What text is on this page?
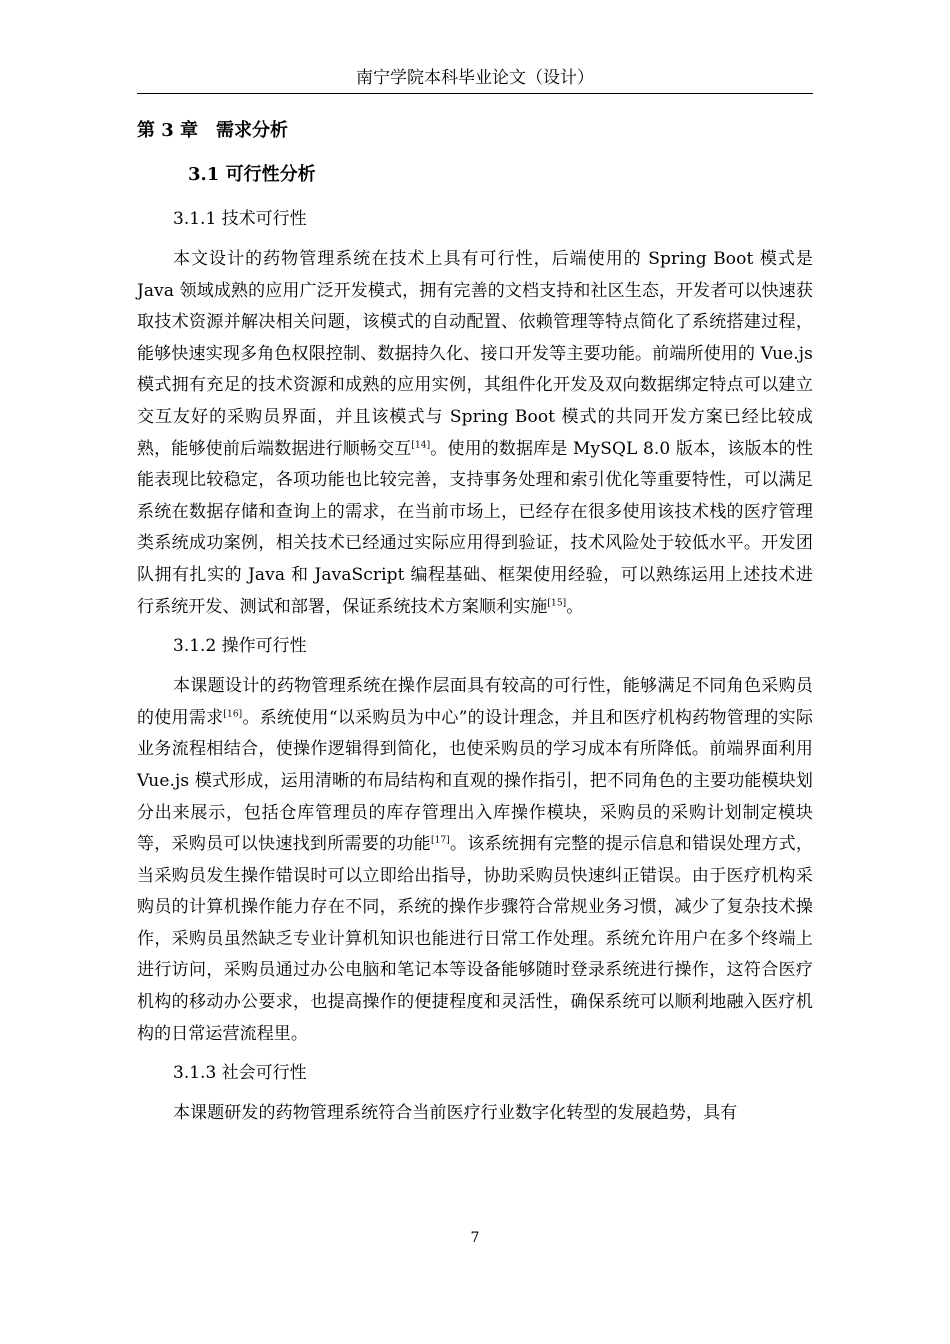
南宁学院本科毕业论文（设计）
第 3 章　需求分析
3.1 可行性分析
3.1.1 技术可行性

本文设计的药物管理系统在技术上具有可行性，后端使用的 Spring Boot 模式是 Java 领域成熟的应用广泛开发模式，拥有完善的文档支持和社区生态，开发者可以快速获取技术资源并解决相关问题，该模式的自动配置、依赖管理等特点简化了系统搭建过程，能够快速实现多角色权限控制、数据持久化、接口开发等主要功能。前端所使用的 Vue.js 模式拥有充足的技术资源和成熟的应用实例，其组件化开发及双向数据绑定特点可以建立交互友好的采购员界面，并且该模式与 Spring Boot 模式的共同开发方案已经比较成熟，能够使前后端数据进行顺畅交互[14]。使用的数据库是 MySQL 8.0 版本，该版本的性能表现比较稳定，各项功能也比较完善，支持事务处理和索引优化等重要特性，可以满足系统在数据存储和查询上的需求，在当前市场上，已经存在很多使用该技术栈的医疗管理类系统成功案例，相关技术已经通过实际应用得到验证，技术风险处于较低水平。开发团队拥有扎实的 Java 和 JavaScript 编程基础、框架使用经验，可以熟练运用上述技术进行系统开发、测试和部署，保证系统技术方案顺利实施[15]。

3.1.2 操作可行性

本课题设计的药物管理系统在操作层面具有较高的可行性，能够满足不同角色采购员的使用需求[16]。系统使用“以采购员为中心”的设计理念，并且和医疗机构药物管理的实际业务流程相结合，使操作逻辑得到简化，也使采购员的学习成本有所降低。前端界面利用 Vue.js 模式形成，运用清晰的布局结构和直观的操作指引，把不同角色的主要功能模块划分出来展示，包括仓库管理员的库存管理出入库操作模块，采购员的采购计划制定模块等，采购员可以快速找到所需要的功能[17]。该系统拥有完整的提示信息和错误处理方式，当采购员发生操作错误时可以立即给出指导，协助采购员快速纠正错误。由于医疗机构采购员的计算机操作能力存在不同，系统的操作步骤符合常规业务习惯，减少了复杂技术操作，采购员虽然缺乏专业计算机知识也能进行日常工作处理。系统允许用户在多个终端上进行访问，采购员通过办公电脑和笔记本等设备能够随时登录系统进行操作，这符合医疗机构的移动办公要求，也提高操作的便捷程度和灵活性，确保系统可以顺利地融入医疗机构的日常运营流程里。

3.1.3 社会可行性

本课题研发的药物管理系统符合当前医疗行业数字化转型的发展趋势，具有

7
